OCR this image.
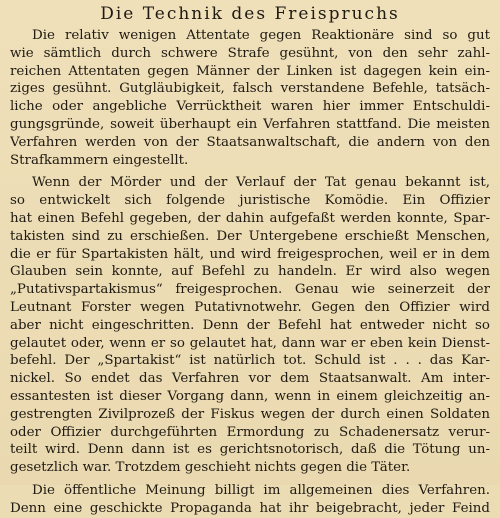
Die Technik des Freispruchs
Die relativ wenigen Attentate gegen Reaktionäre sind so gut
wie sämtlich durch schwere Strafe gesühnt, von den sehr zahl-
reichen Attentaten gegen Männer der Linken ist dagegen kein ein-
ziges gesühnt. Gutgläubigkeit, falsch verstandene Befehle, tatsäch-
liche oder angebliche Verrücktheit waren hier immer Entschuldi-
gungsgründe, soweit überhaupt ein Verfahren stattfand. Die meisten
Verfahren werden von der Staatsanwaltschaft, die andern von den
Strafkammern eingestellt.
Wenn der Mörder und der Verlauf der Tat genau bekannt ist,
so entwickelt sich folgende juristische Komödie. Ein Offizier
hat einen Befehl gegeben, der dahin aufgefaßt werden konnte, Spar-
takisten sind zu erschießen. Der Untergebene erschießt Menschen,
die er für Spartakisten hält, und wird freigesprochen, weil er in dem
Glauben sein konnte, auf Befehl zu handeln. Er wird also wegen
„Putativspartakismus“ freigesprochen. Genau wie seinerzeit der
Leutnant Forster wegen Putativnotwehr. Gegen den Offizier wird
aber nicht eingeschritten. Denn der Befehl hat entweder nicht so
gelautet oder, wenn er so gelautet hat, dann war er eben kein Dienst-
befehl. Der „Spartakist“ ist natürlich tot. Schuld ist . . . das Kar-
nickel. So endet das Verfahren vor dem Staatsanwalt. Am inter-
essantesten ist dieser Vorgang dann, wenn in einem gleichzeitig an-
gestrengten Zivilprozeß der Fiskus wegen der durch einen Soldaten
oder Offizier durchgeführten Ermordung zu Schadenersatz verur-
teilt wird. Denn dann ist es gerichtsnotorisch, daß die Tötung un-
gesetzlich war. Trotzdem geschieht nichts gegen die Täter.
Die öffentliche Meinung billigt im allgemeinen dies Verfahren.
Denn eine geschickte Propaganda hat ihr beigebracht, jeder Feind
